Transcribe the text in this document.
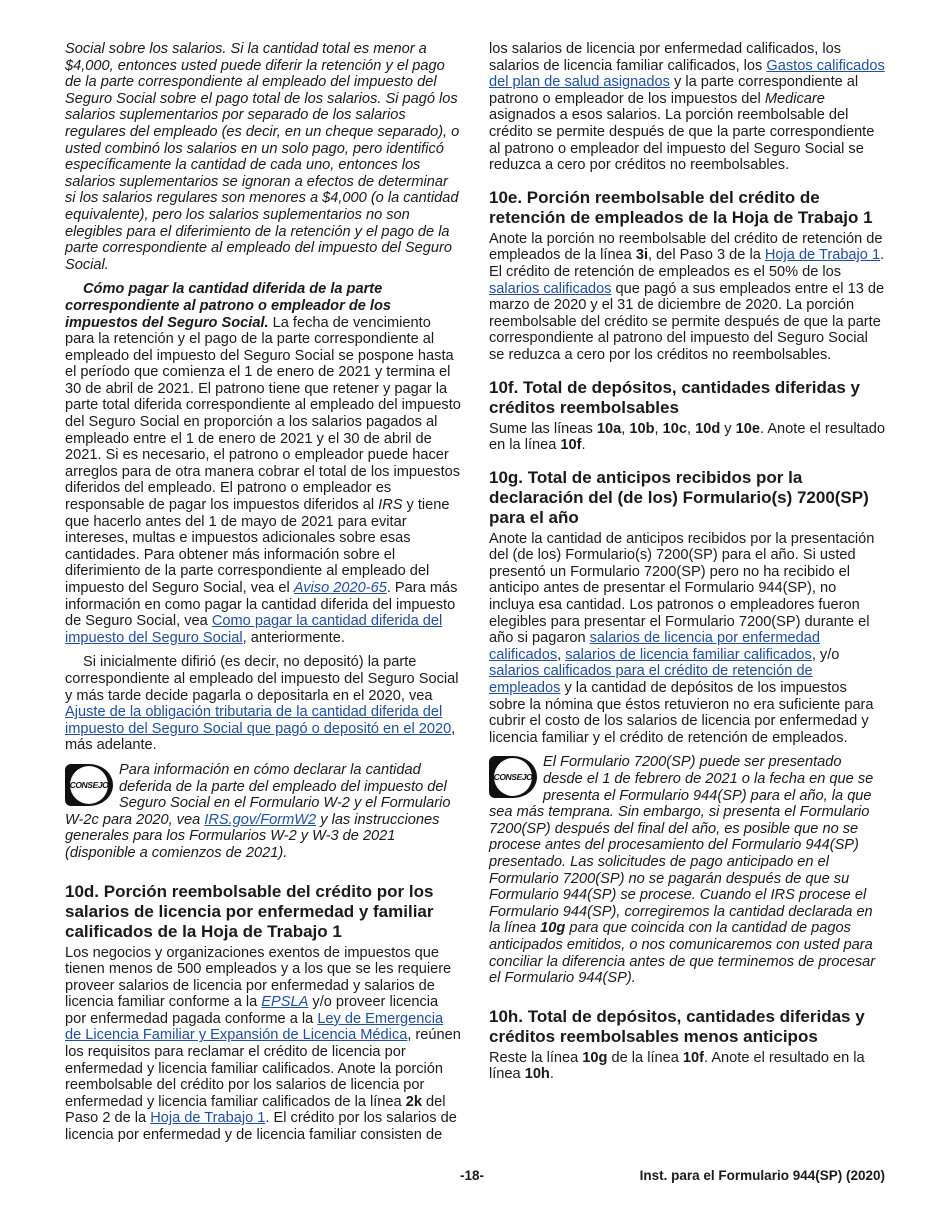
Social sobre los salarios. Si la cantidad total es menor a $4,000, entonces usted puede diferir la retención y el pago de la parte correspondiente al empleado del impuesto del Seguro Social sobre el pago total de los salarios. Si pagó los salarios suplementarios por separado de los salarios regulares del empleado (es decir, en un cheque separado), o usted combinó los salarios en un solo pago, pero identificó específicamente la cantidad de cada uno, entonces los salarios suplementarios se ignoran a efectos de determinar si los salarios regulares son menores a $4,000 (o la cantidad equivalente), pero los salarios suplementarios no son elegibles para el diferimiento de la retención y el pago de la parte correspondiente al empleado del impuesto del Seguro Social.

Cómo pagar la cantidad diferida de la parte correspondiente al patrono o empleador de los impuestos del Seguro Social. La fecha de vencimiento para la retención y el pago de la parte correspondiente al empleado del impuesto del Seguro Social se pospone hasta el período que comienza el 1 de enero de 2021 y termina el 30 de abril de 2021. El patrono tiene que retener y pagar la parte total diferida correspondiente al empleado del impuesto del Seguro Social en proporción a los salarios pagados al empleado entre el 1 de enero de 2021 y el 30 de abril de 2021. Si es necesario, el patrono o empleador puede hacer arreglos para de otra manera cobrar el total de los impuestos diferidos del empleado. El patrono o empleador es responsable de pagar los impuestos diferidos al IRS y tiene que hacerlo antes del 1 de mayo de 2021 para evitar intereses, multas e impuestos adicionales sobre esas cantidades. Para obtener más información sobre el diferimiento de la parte correspondiente al empleado del impuesto del Seguro Social, vea el Aviso 2020-65. Para más información en como pagar la cantidad diferida del impuesto de Seguro Social, vea Como pagar la cantidad diferida del impuesto del Seguro Social, anteriormente.

Si inicialmente difirió (es decir, no depositó) la parte correspondiente al empleado del impuesto del Seguro Social y más tarde decide pagarla o depositarla en el 2020, vea Ajuste de la obligación tributaria de la cantidad diferida del impuesto del Seguro Social que pagó o depositó en el 2020, más adelante.

CONSEJO
Para información en cómo declarar la cantidad deferida de la parte del empleado del impuesto del Seguro Social en el Formulario W-2 y el Formulario W-2c para 2020, vea IRS.gov/FormW2 y las instrucciones generales para los Formularios W-2 y W-3 de 2021 (disponible a comienzos de 2021).
10d. Porción reembolsable del crédito por los salarios de licencia por enfermedad y familiar calificados de la Hoja de Trabajo 1

Los negocios y organizaciones exentos de impuestos que tienen menos de 500 empleados y a los que se les requiere proveer salarios de licencia por enfermedad y salarios de licencia familiar conforme a la EPSLA y/o proveer licencia por enfermedad pagada conforme a la Ley de Emergencia de Licencia Familiar y Expansión de Licencia Médica, reúnen los requisitos para reclamar el crédito de licencia por enfermedad y licencia familiar calificados. Anote la porción reembolsable del crédito por los salarios de licencia por enfermedad y licencia familiar calificados de la línea 2k del Paso 2 de la Hoja de Trabajo 1. El crédito por los salarios de licencia por enfermedad y de licencia familiar consisten de

los salarios de licencia por enfermedad calificados, los salarios de licencia familiar calificados, los Gastos calificados del plan de salud asignados y la parte correspondiente al patrono o empleador de los impuestos del Medicare asignados a esos salarios. La porción reembolsable del crédito se permite después de que la parte correspondiente al patrono o empleador del impuesto del Seguro Social se reduzca a cero por créditos no reembolsables.

10e. Porción reembolsable del crédito de retención de empleados de la Hoja de Trabajo 1

Anote la porción no reembolsable del crédito de retención de empleados de la línea 3i, del Paso 3 de la Hoja de Trabajo 1. El crédito de retención de empleados es el 50% de los salarios calificados que pagó a sus empleados entre el 13 de marzo de 2020 y el 31 de diciembre de 2020. La porción reembolsable del crédito se permite después de que la parte correspondiente al patrono del impuesto del Seguro Social se reduzca a cero por los créditos no reembolsables.

10f. Total de depósitos, cantidades diferidas y créditos reembolsables

Sume las líneas 10a, 10b, 10c, 10d y 10e. Anote el resultado en la línea 10f.

10g. Total de anticipos recibidos por la declaración del (de los) Formulario(s) 7200(SP) para el año

Anote la cantidad de anticipos recibidos por la presentación del (de los) Formulario(s) 7200(SP) para el año. Si usted presentó un Formulario 7200(SP) pero no ha recibido el anticipo antes de presentar el Formulario 944(SP), no incluya esa cantidad. Los patronos o empleadores fueron elegibles para presentar el Formulario 7200(SP) durante el año si pagaron salarios de licencia por enfermedad calificados, salarios de licencia familiar calificados, y/o salarios calificados para el crédito de retención de empleados y la cantidad de depósitos de los impuestos sobre la nómina que éstos retuvieron no era suficiente para cubrir el costo de los salarios de licencia por enfermedad y licencia familiar y el crédito de retención de empleados.

CONSEJO
El Formulario 7200(SP) puede ser presentado desde el 1 de febrero de 2021 o la fecha en que se presenta el Formulario 944(SP) para el año, la que sea más temprana. Sin embargo, si presenta el Formulario 7200(SP) después del final del año, es posible que no se procese antes del procesamiento del Formulario 944(SP) presentado. Las solicitudes de pago anticipado en el Formulario 7200(SP) no se pagarán después de que su Formulario 944(SP) se procese. Cuando el IRS procese el Formulario 944(SP), corregiremos la cantidad declarada en la línea 10g para que coincida con la cantidad de pagos anticipados emitidos, o nos comunicaremos con usted para conciliar la diferencia antes de que terminemos de procesar el Formulario 944(SP).
10h. Total de depósitos, cantidades diferidas y créditos reembolsables menos anticipos

Reste la línea 10g de la línea 10f. Anote el resultado en la línea 10h.

-18-	Inst. para el Formulario 944(SP) (2020)
